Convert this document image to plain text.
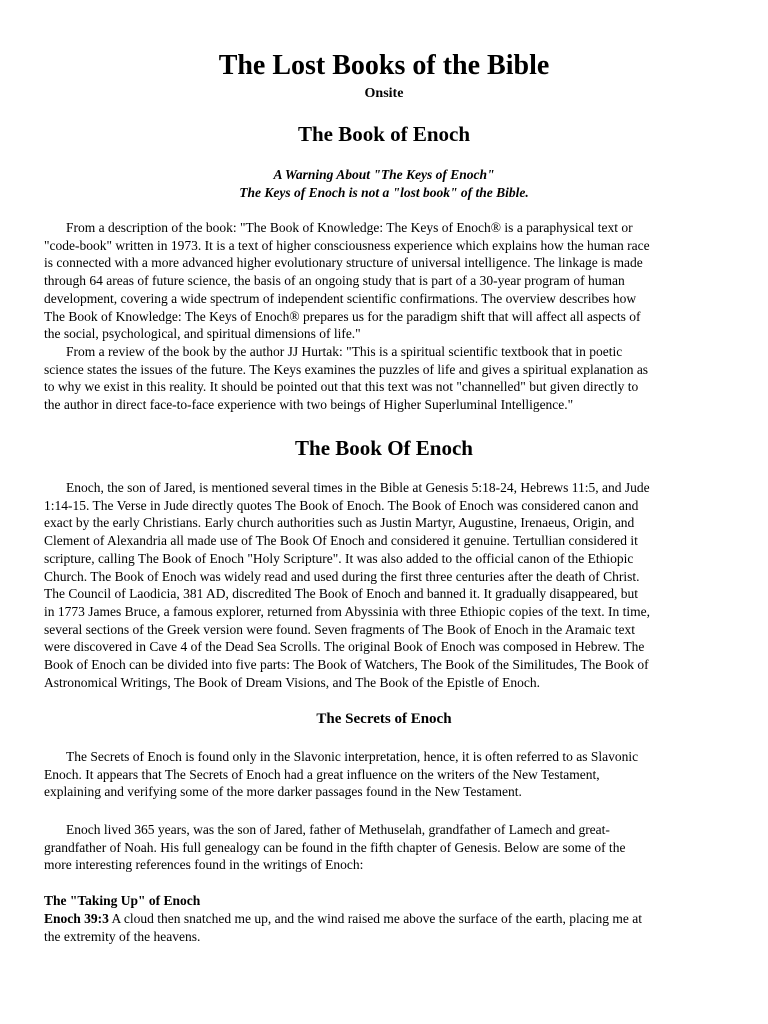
The Lost Books of the Bible
Onsite
The Book of Enoch
A Warning About "The Keys of Enoch"
The Keys of Enoch is not a "lost book" of the Bible.
From a description of the book: "The Book of Knowledge: The Keys of Enoch® is a paraphysical text or
"code-book" written in 1973. It is a text of higher consciousness experience which explains how the human race
is connected with a more advanced higher evolutionary structure of universal intelligence. The linkage is made
through 64 areas of future science, the basis of an ongoing study that is part of a 30-year program of human
development, covering a wide spectrum of independent scientific confirmations. The overview describes how
The Book of Knowledge: The Keys of Enoch® prepares us for the paradigm shift that will affect all aspects of
the social, psychological, and spiritual dimensions of life."
From a review of the book by the author JJ Hurtak: "This is a spiritual scientific textbook that in poetic
science states the issues of the future. The Keys examines the puzzles of life and gives a spiritual explanation as
to why we exist in this reality. It should be pointed out that this text was not "channelled" but given directly to
the author in direct face-to-face experience with two beings of Higher Superluminal Intelligence."
The Book Of Enoch
Enoch, the son of Jared, is mentioned several times in the Bible at Genesis 5:18-24, Hebrews 11:5, and Jude
1:14-15. The Verse in Jude directly quotes The Book of Enoch. The Book of Enoch was considered canon and
exact by the early Christians. Early church authorities such as Justin Martyr, Augustine, Irenaeus, Origin, and
Clement of Alexandria all made use of The Book Of Enoch and considered it genuine. Tertullian considered it
scripture, calling The Book of Enoch "Holy Scripture". It was also added to the official canon of the Ethiopic
Church. The Book of Enoch was widely read and used during the first three centuries after the death of Christ.
The Council of Laodicia, 381 AD, discredited The Book of Enoch and banned it. It gradually disappeared, but
in 1773 James Bruce, a famous explorer, returned from Abyssinia with three Ethiopic copies of the text. In time,
several sections of the Greek version were found. Seven fragments of The Book of Enoch in the Aramaic text
were discovered in Cave 4 of the Dead Sea Scrolls. The original Book of Enoch was composed in Hebrew. The
Book of Enoch can be divided into five parts: The Book of Watchers, The Book of the Similitudes, The Book of
Astronomical Writings, The Book of Dream Visions, and The Book of the Epistle of Enoch.
The Secrets of Enoch
The Secrets of Enoch is found only in the Slavonic interpretation, hence, it is often referred to as Slavonic
Enoch. It appears that The Secrets of Enoch had a great influence on the writers of the New Testament,
explaining and verifying some of the more darker passages found in the New Testament.
Enoch lived 365 years, was the son of Jared, father of Methuselah, grandfather of Lamech and great-
grandfather of Noah. His full genealogy can be found in the fifth chapter of Genesis. Below are some of the
more interesting references found in the writings of Enoch:
The "Taking Up" of Enoch
Enoch 39:3 A cloud then snatched me up, and the wind raised me above the surface of the earth, placing me at
the extremity of the heavens.
